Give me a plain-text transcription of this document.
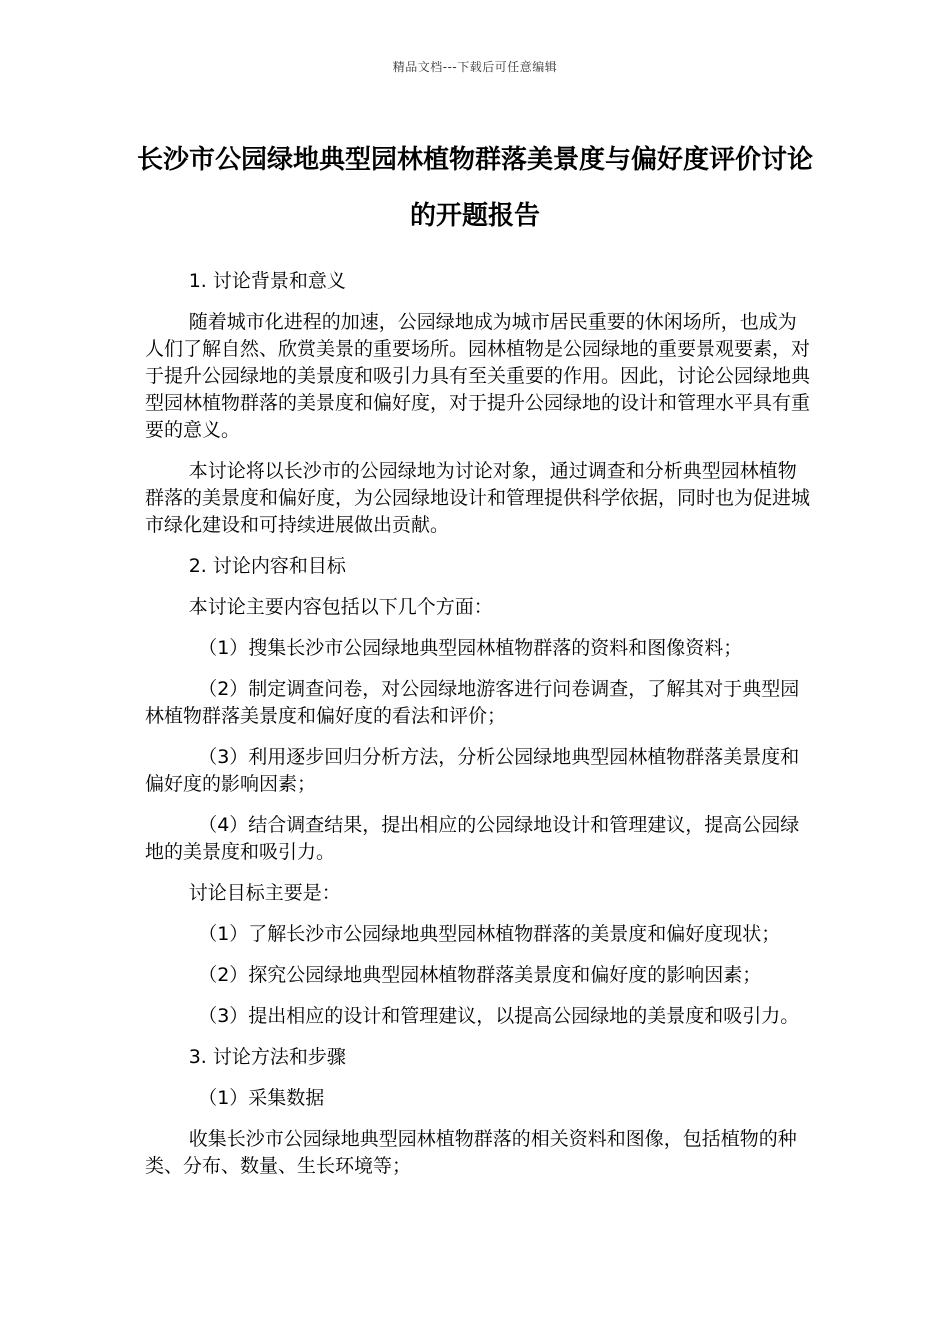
精品文档---下载后可任意编辑
长沙市公园绿地典型园林植物群落美景度与偏好度评价讨论的开题报告

1. 讨论背景和意义

随着城市化进程的加速，公园绿地成为城市居民重要的休闲场所，也成为人们了解自然、欣赏美景的重要场所。园林植物是公园绿地的重要景观要素，对于提升公园绿地的美景度和吸引力具有至关重要的作用。因此，讨论公园绿地典型园林植物群落的美景度和偏好度，对于提升公园绿地的设计和管理水平具有重要的意义。

本讨论将以长沙市的公园绿地为讨论对象，通过调查和分析典型园林植物群落的美景度和偏好度，为公园绿地设计和管理提供科学依据，同时也为促进城市绿化建设和可持续进展做出贡献。

2. 讨论内容和目标

本讨论主要内容包括以下几个方面：

（1）搜集长沙市公园绿地典型园林植物群落的资料和图像资料；

（2）制定调查问卷，对公园绿地游客进行问卷调查，了解其对于典型园林植物群落美景度和偏好度的看法和评价；

（3）利用逐步回归分析方法，分析公园绿地典型园林植物群落美景度和偏好度的影响因素；

（4）结合调查结果，提出相应的公园绿地设计和管理建议，提高公园绿地的美景度和吸引力。

讨论目标主要是：

（1）了解长沙市公园绿地典型园林植物群落的美景度和偏好度现状；

（2）探究公园绿地典型园林植物群落美景度和偏好度的影响因素；

（3）提出相应的设计和管理建议，以提高公园绿地的美景度和吸引力。

3. 讨论方法和步骤

（1）采集数据

收集长沙市公园绿地典型园林植物群落的相关资料和图像，包括植物的种类、分布、数量、生长环境等；
